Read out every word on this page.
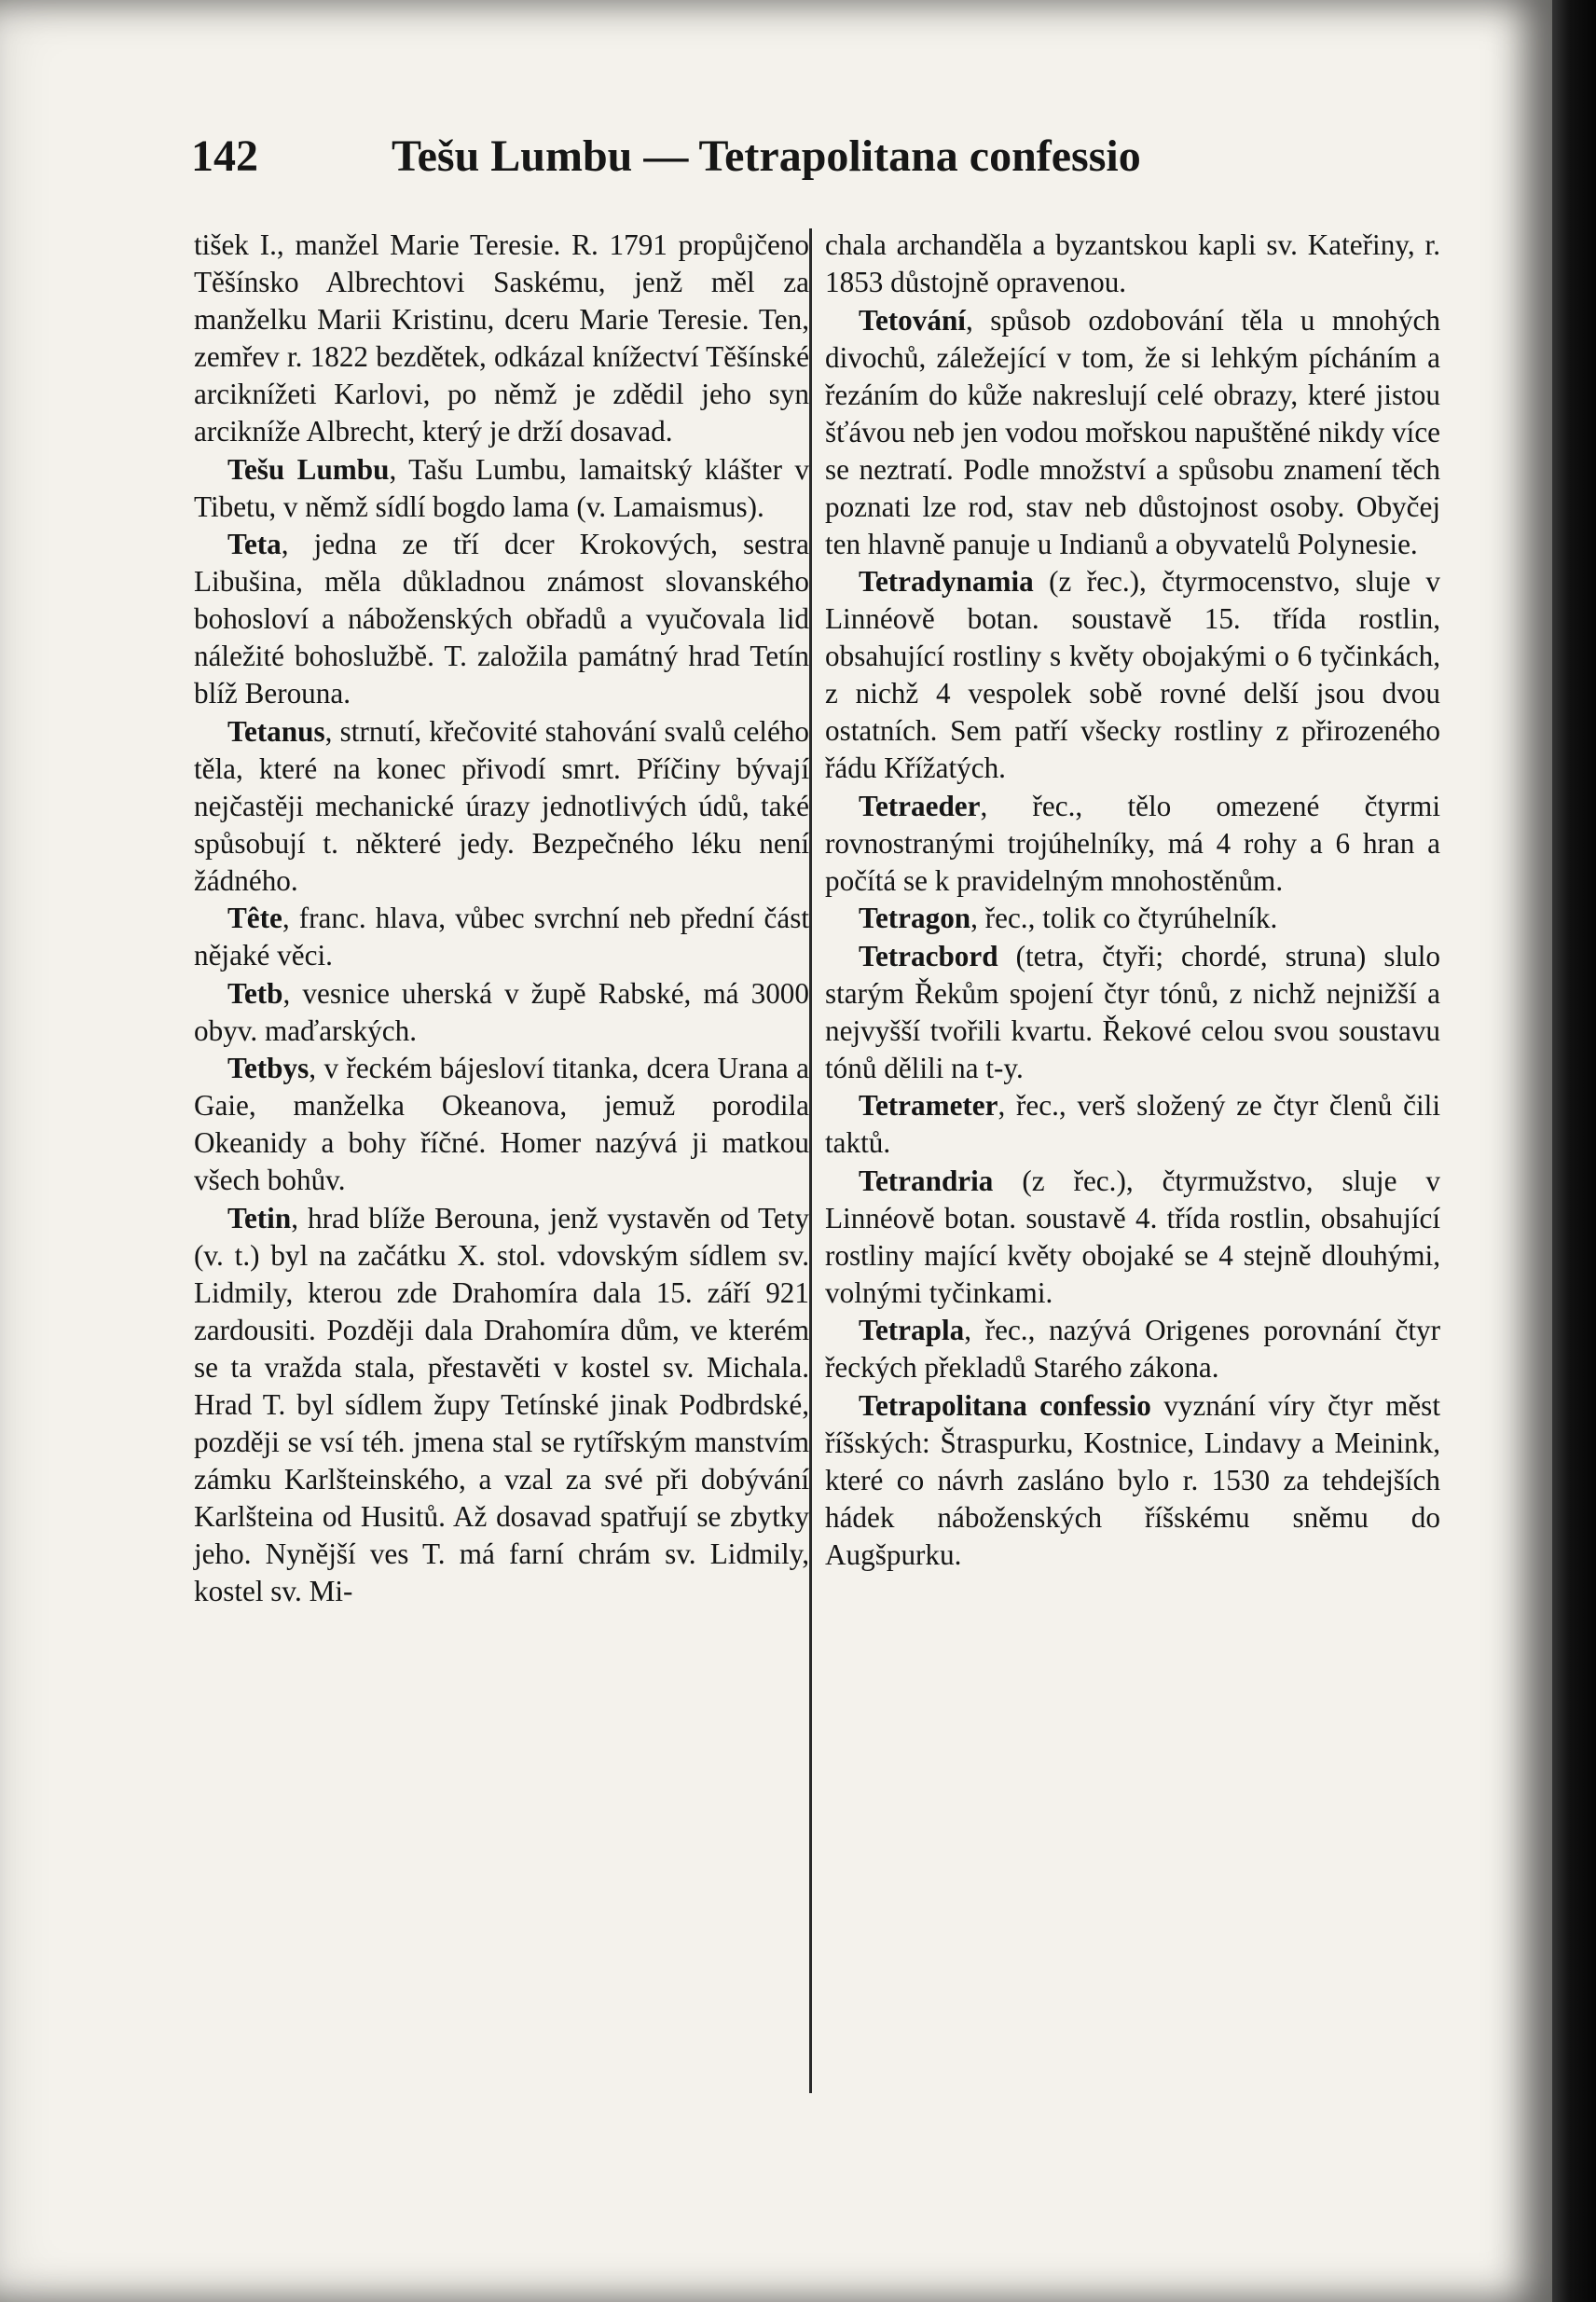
142	Tešu Lumbu — Tetrapolitana confessio

tišek I., manžel Marie Teresie. R. 1791 propůjčeno Těšínsko Albrechtovi Saskému, jenž měl za manželku Marii Kristinu, dceru Marie Teresie. Ten, zemřev r. 1822 bezdětek, odkázal knížectví Těšínské arciknížeti Karlovi, po němž je zdědil jeho syn arcikníže Albrecht, který je drží dosavad.

Tešu Lumbu, Tašu Lumbu, lamaitský klášter v Tibetu, v němž sídlí bogdo lama (v. Lamaismus).

Teta, jedna ze tří dcer Krokových, sestra Libušina, měla důkladnou známost slovanského bohosloví a náboženských obřadů a vyučovala lid náležité bohoslužbě. T. založila památný hrad Tetín blíž Berouna.

Tetanus, strnutí, křečovité stahování svalů celého těla, které na konec přivodí smrt. Příčiny bývají nejčastěji mechanické úrazy jednotlivých údů, také spůsobují t. některé jedy. Bezpečného léku není žádného.

Tête, franc. hlava, vůbec svrchní neb přední část nějaké věci.

Tetb, vesnice uherská v župě Rabské, má 3000 obyv. maďarských.

Tetbys, v řeckém bájesloví titanka, dcera Urana a Gaie, manželka Okeanova, jemuž porodila Okeanidy a bohy říčné. Homer nazývá ji matkou všech bohův.

Tetin, hrad blíže Berouna, jenž vystavěn od Tety (v. t.) byl na začátku X. stol. vdovským sídlem sv. Lidmily, kterou zde Drahomíra dala 15. září 921 zardousiti. Později dala Drahomíra dům, ve kterém se ta vražda stala, přestavěti v kostel sv. Michala. Hrad T. byl sídlem župy Tetínské jinak Podbrdské, později se vsí téh. jmena stal se rytířským manstvím zámku Karlšteinského, a vzal za své při dobývání Karlšteina od Husitů. Až dosavad spatřují se zbytky jeho. Nynější ves T. má farní chrám sv. Lidmily, kostel sv. Mi-

chala archanděla a byzantskou kapli sv. Kateřiny, r. 1853 důstojně opravenou.

Tetování, spůsob ozdobování těla u mnohých divochů, záležející v tom, že si lehkým pícháním a řezáním do kůže nakreslují celé obrazy, které jistou šťávou neb jen vodou mořskou napuštěné nikdy více se neztratí. Podle množství a spůsobu znamení těch poznati lze rod, stav neb důstojnost osoby. Obyčej ten hlavně panuje u Indianů a obyvatelů Polynesie.

Tetradynamia (z řec.), čtyrmocenstvo, sluje v Linnéově botan. soustavě 15. třída rostlin, obsahující rostliny s květy obojakými o 6 tyčinkách, z nichž 4 vespolek sobě rovné delší jsou dvou ostatních. Sem patří všecky rostliny z přirozeného řádu Křížatých.

Tetraeder, řec., tělo omezené čtyrmi rovnostranými trojúhelníky, má 4 rohy a 6 hran a počítá se k pravidelným mnohostěnům.

Tetragon, řec., tolik co čtyrúhelník.

Tetracbord (tetra, čtyři; chordé, struna) slulo starým Řekům spojení čtyr tónů, z nichž nejnižší a nejvyšší tvořili kvartu. Řekové celou svou soustavu tónů dělili na t-y.

Tetrameter, řec., verš složený ze čtyr členů čili taktů.

Tetrandria (z řec.), čtyrmužstvo, sluje v Linnéově botan. soustavě 4. třída rostlin, obsahující rostliny mající květy obojaké se 4 stejně dlouhými, volnými tyčinkami.

Tetrapla, řec., nazývá Origenes porovnání čtyr řeckých překladů Starého zákona.

Tetrapolitana confessio vyznání víry čtyr měst říšských: Štraspurku, Kostnice, Lindavy a Meinink, které co návrh zasláno bylo r. 1530 za tehdejších hádek náboženských říšskému sněmu do Augšpurku.
